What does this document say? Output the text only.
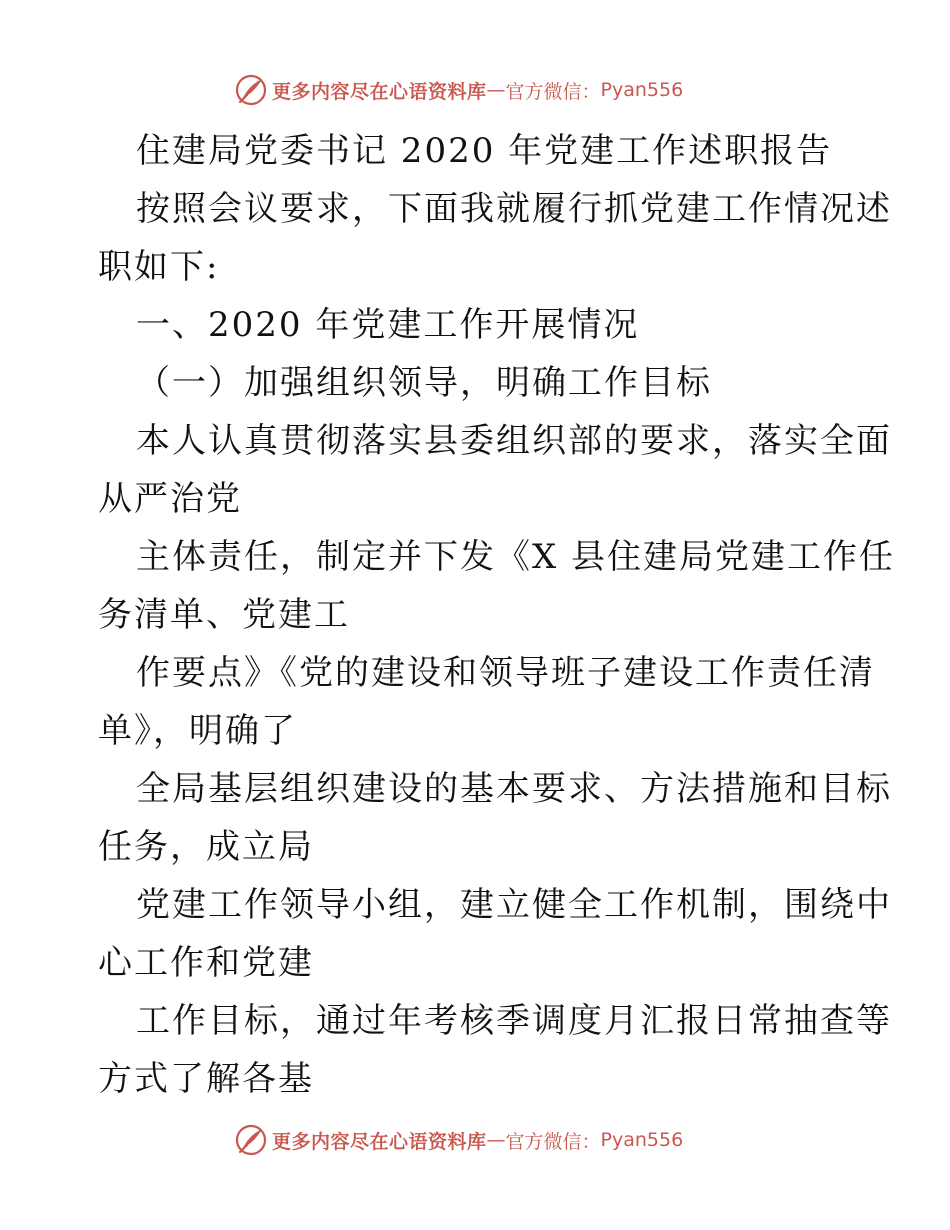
更多内容尽在心语资料库 — 官方微信： Pyan556
住建局党委书记 2020 年党建工作述职报告
按照会议要求，下面我就履行抓党建工作情况述
职如下:
一、2020 年党建工作开展情况
（一）加强组织领导，明确工作目标
本人认真贯彻落实县委组织部的要求，落实全面
从严治党
主体责任，制定并下发《X 县住建局党建工作任
务清单、党建工
作要点》《党的建设和领导班子建设工作责任清
单》，明确了
全局基层组织建设的基本要求、方法措施和目标
任务，成立局
党建工作领导小组，建立健全工作机制，围绕中
心工作和党建
工作目标，通过年考核季调度月汇报日常抽查等
方式了解各基
更多内容尽在心语资料库 — 官方微信： Pyan556
